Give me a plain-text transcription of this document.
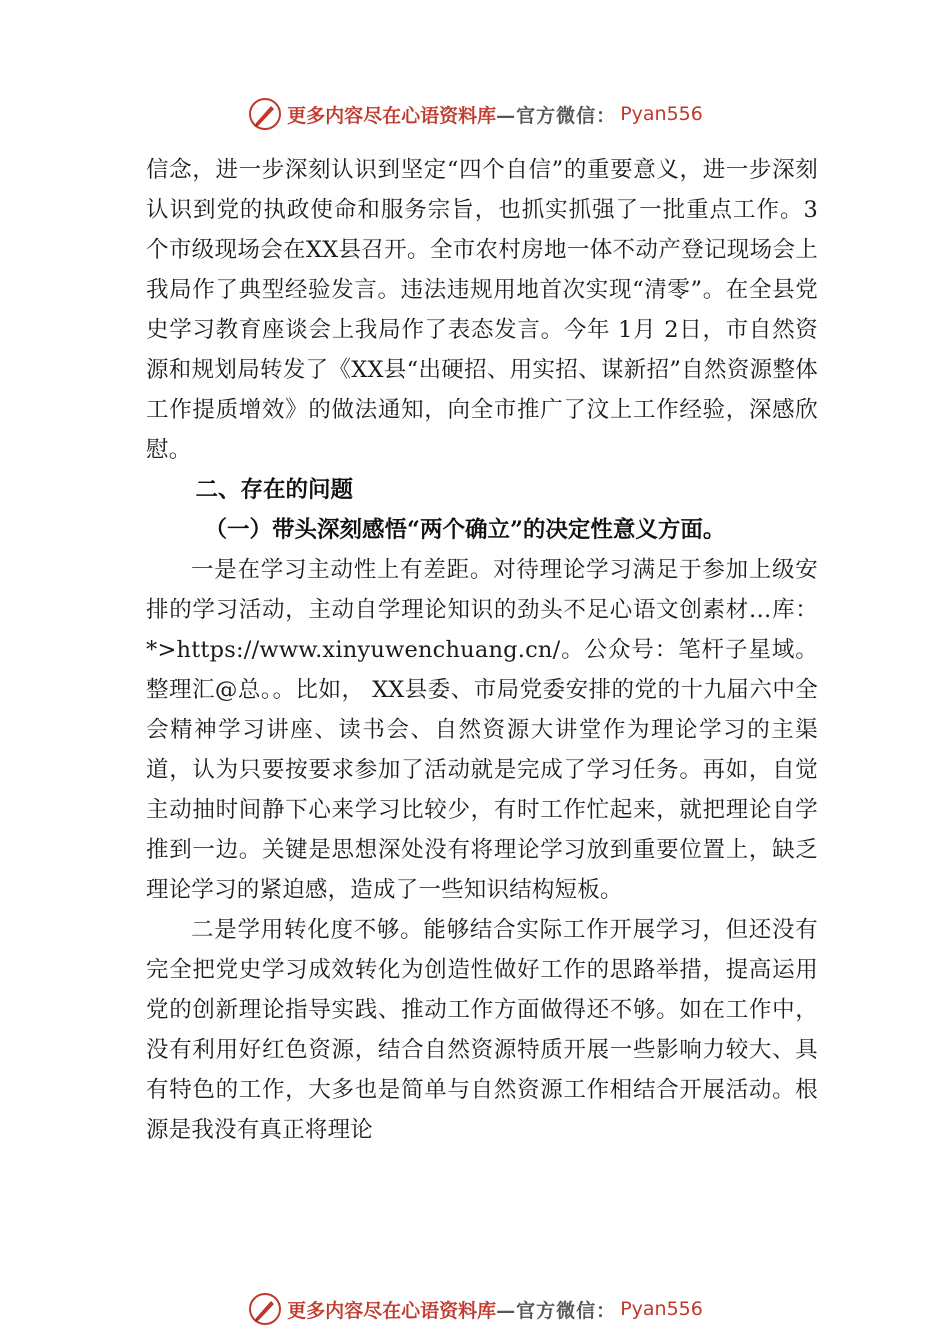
更多内容尽在心语资料库 —官方微信： Pyan556

信念，进一步深刻认识到坚定“四个自信”的重要意义，进一步深刻认识到党的执政使命和服务宗旨，也抓实抓强了一批重点工作。3 个市级现场会在XX县召开。全市农村房地一体不动产登记现场会上我局作了典型经验发言。违法违规用地首次实现“清零”。在全县党史学习教育座谈会上我局作了表态发言。今年 1月 2日，市自然资源和规划局转发了《XX县“出硬招、用实招、谋新招”自然资源整体工作提质增效》的做法通知，向全市推广了汶上工作经验，深感欣慰。

二、存在的问题

（一）带头深刻感悟“两个确立”的决定性意义方面。

一是在学习主动性上有差距。对待理论学习满足于参加上级安排的学习活动，主动自学理论知识的劲头不足心语文创素材…库：*>https://www.xinyuwenchuang.cn/。公众号：笔杆子星域。整理汇@总。。比如， XX县委、市局党委安排的党的十九届六中全会精神学习讲座、读书会、自然资源大讲堂作为理论学习的主渠道，认为只要按要求参加了活动就是完成了学习任务。再如，自觉主动抽时间静下心来学习比较少，有时工作忙起来，就把理论自学推到一边。关键是思想深处没有将理论学习放到重要位置上，缺乏理论学习的紧迫感，造成了一些知识结构短板。

二是学用转化度不够。能够结合实际工作开展学习，但还没有完全把党史学习成效转化为创造性做好工作的思路举措，提高运用党的创新理论指导实践、推动工作方面做得还不够。如在工作中，没有利用好红色资源，结合自然资源特质开展一些影响力较大、具有特色的工作，大多也是简单与自然资源工作相结合开展活动。根源是我没有真正将理论

更多内容尽在心语资料库 —官方微信： Pyan556
